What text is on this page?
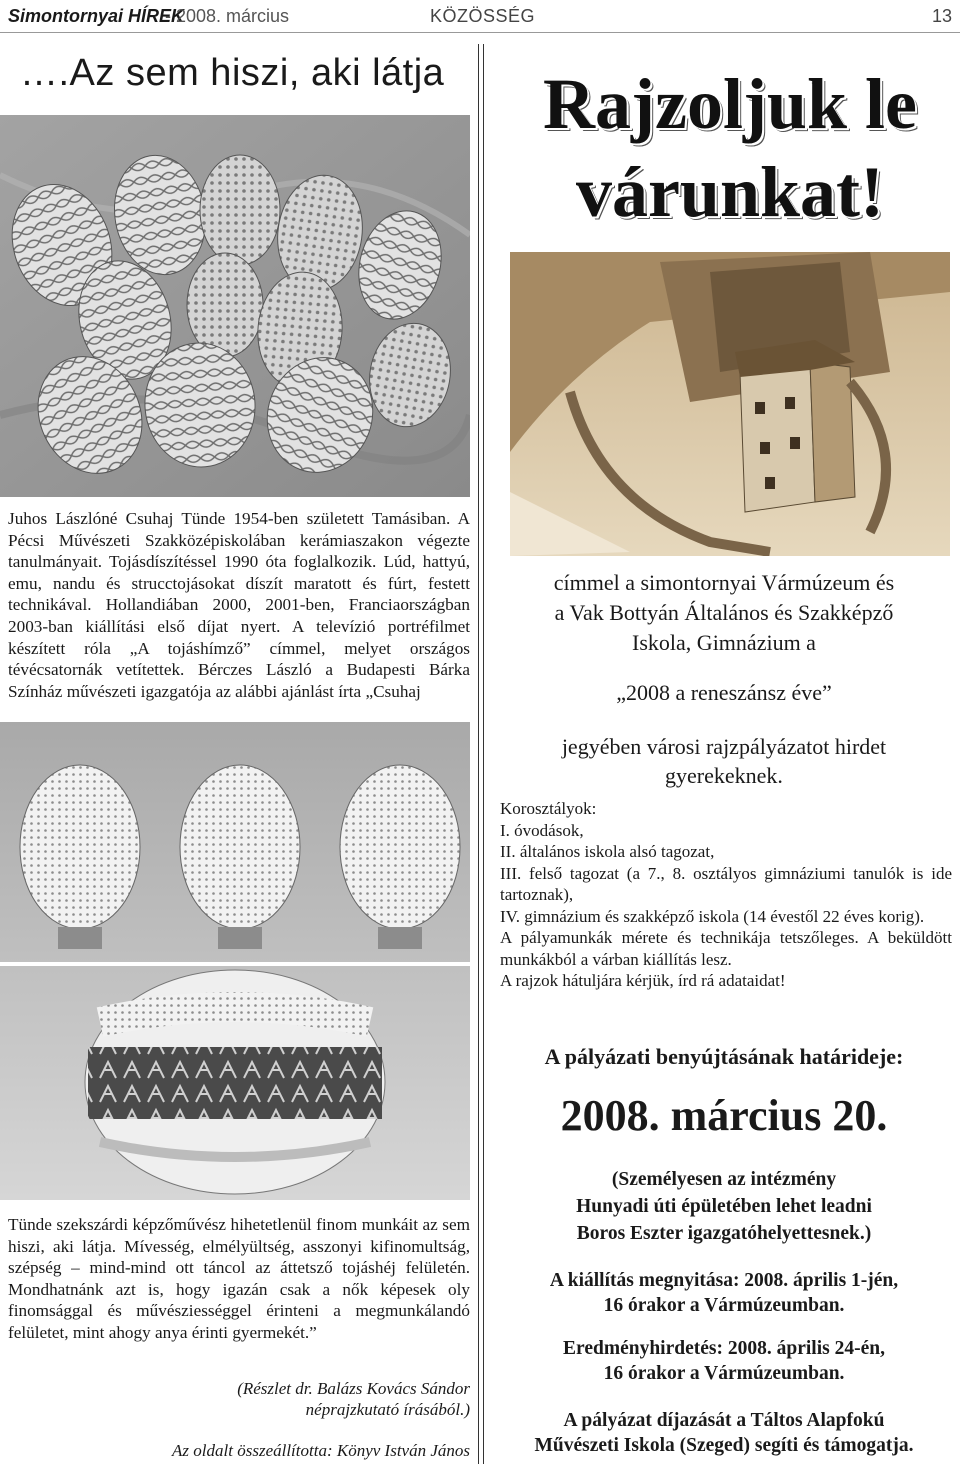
Simontornyai HÍREK
- 2008. március	KÖZÖSSÉG	13
….Az sem hiszi, aki látja
Juhos Lászlóné Csuhaj Tünde 1954-ben született Tamásiban. A Pécsi Művészeti Szakközépiskolában kerámiaszakon végezte tanulmányait. Tojásdíszítéssel 1990 óta foglalkozik. Lúd, hattyú, emu, nandu és strucctojásokat díszít maratott és fúrt, festett technikával. Hollandiában 2000, 2001-ben, Franciaországban 2003-ban kiállítási első díjat nyert. A televízió portréfilmet készített róla „A tojáshímző” címmel, melyet országos tévécsatornák vetítettek. Bérczes László a Budapesti Bárka Színház művészeti igazgatója az alábbi ajánlást írta „Csuhaj
Tünde szekszárdi képzőművész hihetetlenül finom munkáit az sem hiszi, aki látja. Mívesség, elmélyültség, asszonyi kifinomultság, szépség – mind-mind ott táncol az áttetsző tojáshéj felületén. Mondhatnánk azt is, hogy igazán csak a nők képesek oly finomsággal és művésziességgel érinteni a megmunkálandó felületet, mint ahogy anya érinti gyermekét.”
(Részlet dr. Balázs Kovács Sándor
néprajzkutató írásából.)
Az oldalt összeállította: Könyv István János
Rajzoljuk le
várunkat!
címmel a simontornyai Vármúzeum és
a Vak Bottyán Általános és Szakképző
Iskola, Gimnázium a
„2008 a reneszánsz éve”
jegyében városi rajzpályázatot hirdet
gyerekeknek.
Korosztályok:
I. óvodások,
II. általános iskola alsó tagozat,
III. felső tagozat (a 7., 8. osztályos gimnáziumi tanulók is ide tartoznak),
IV. gimnázium és szakképző iskola (14 évestől 22 éves korig).
A pályamunkák mérete és technikája tetszőleges. A beküldött munkákból a várban kiállítás lesz.
A rajzok hátuljára kérjük, írd rá adataidat!
A pályázati benyújtásának határideje:
2008. március 20.
(Személyesen az intézmény
Hunyadi úti épületében lehet leadni
Boros Eszter igazgatóhelyettesnek.)
A kiállítás megnyitása: 2008. április 1-jén,
16 órakor a Vármúzeumban.
Eredményhirdetés: 2008. április 24-én,
16 órakor a Vármúzeumban.
A pályázat díjazását a Táltos Alapfokú
Művészeti Iskola (Szeged) segíti és támogatja.
